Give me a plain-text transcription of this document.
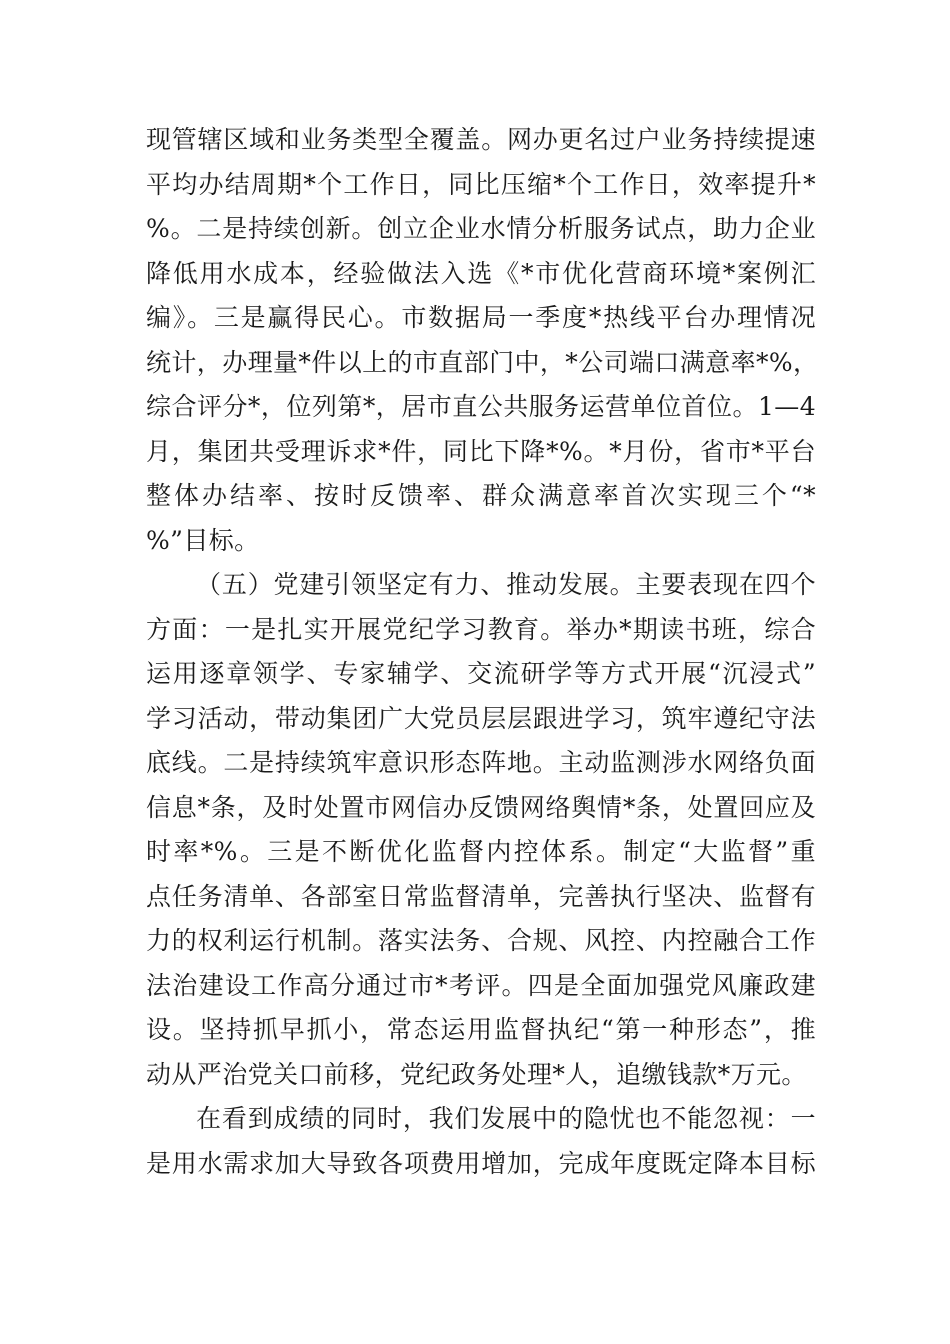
现管辖区域和业务类型全覆盖。网办更名过户业务持续提速
平均办结周期*个工作日，同比压缩*个工作日，效率提升*
%。二是持续创新。创立企业水情分析服务试点，助力企业
降低用水成本，经验做法入选《*市优化营商环境*案例汇
编》。三是赢得民心。市数据局一季度*热线平台办理情况
统计，办理量*件以上的市直部门中，*公司端口满意率*%，
综合评分*，位列第*，居市直公共服务运营单位首位。1—4
月，集团共受理诉求*件，同比下降*%。*月份，省市*平台
整体办结率、按时反馈率、群众满意率首次实现三个“*
%”目标。
（五）党建引领坚定有力、推动发展。主要表现在四个
方面：一是扎实开展党纪学习教育。举办*期读书班，综合
运用逐章领学、专家辅学、交流研学等方式开展“沉浸式”
学习活动，带动集团广大党员层层跟进学习，筑牢遵纪守法
底线。二是持续筑牢意识形态阵地。主动监测涉水网络负面
信息*条，及时处置市网信办反馈网络舆情*条，处置回应及
时率*%。三是不断优化监督内控体系。制定“大监督”重
点任务清单、各部室日常监督清单，完善执行坚决、监督有
力的权利运行机制。落实法务、合规、风控、内控融合工作
法治建设工作高分通过市*考评。四是全面加强党风廉政建
设。坚持抓早抓小，常态运用监督执纪“第一种形态”，推
动从严治党关口前移，党纪政务处理*人，追缴钱款*万元。
在看到成绩的同时，我们发展中的隐忧也不能忽视：一
是用水需求加大导致各项费用增加，完成年度既定降本目标
